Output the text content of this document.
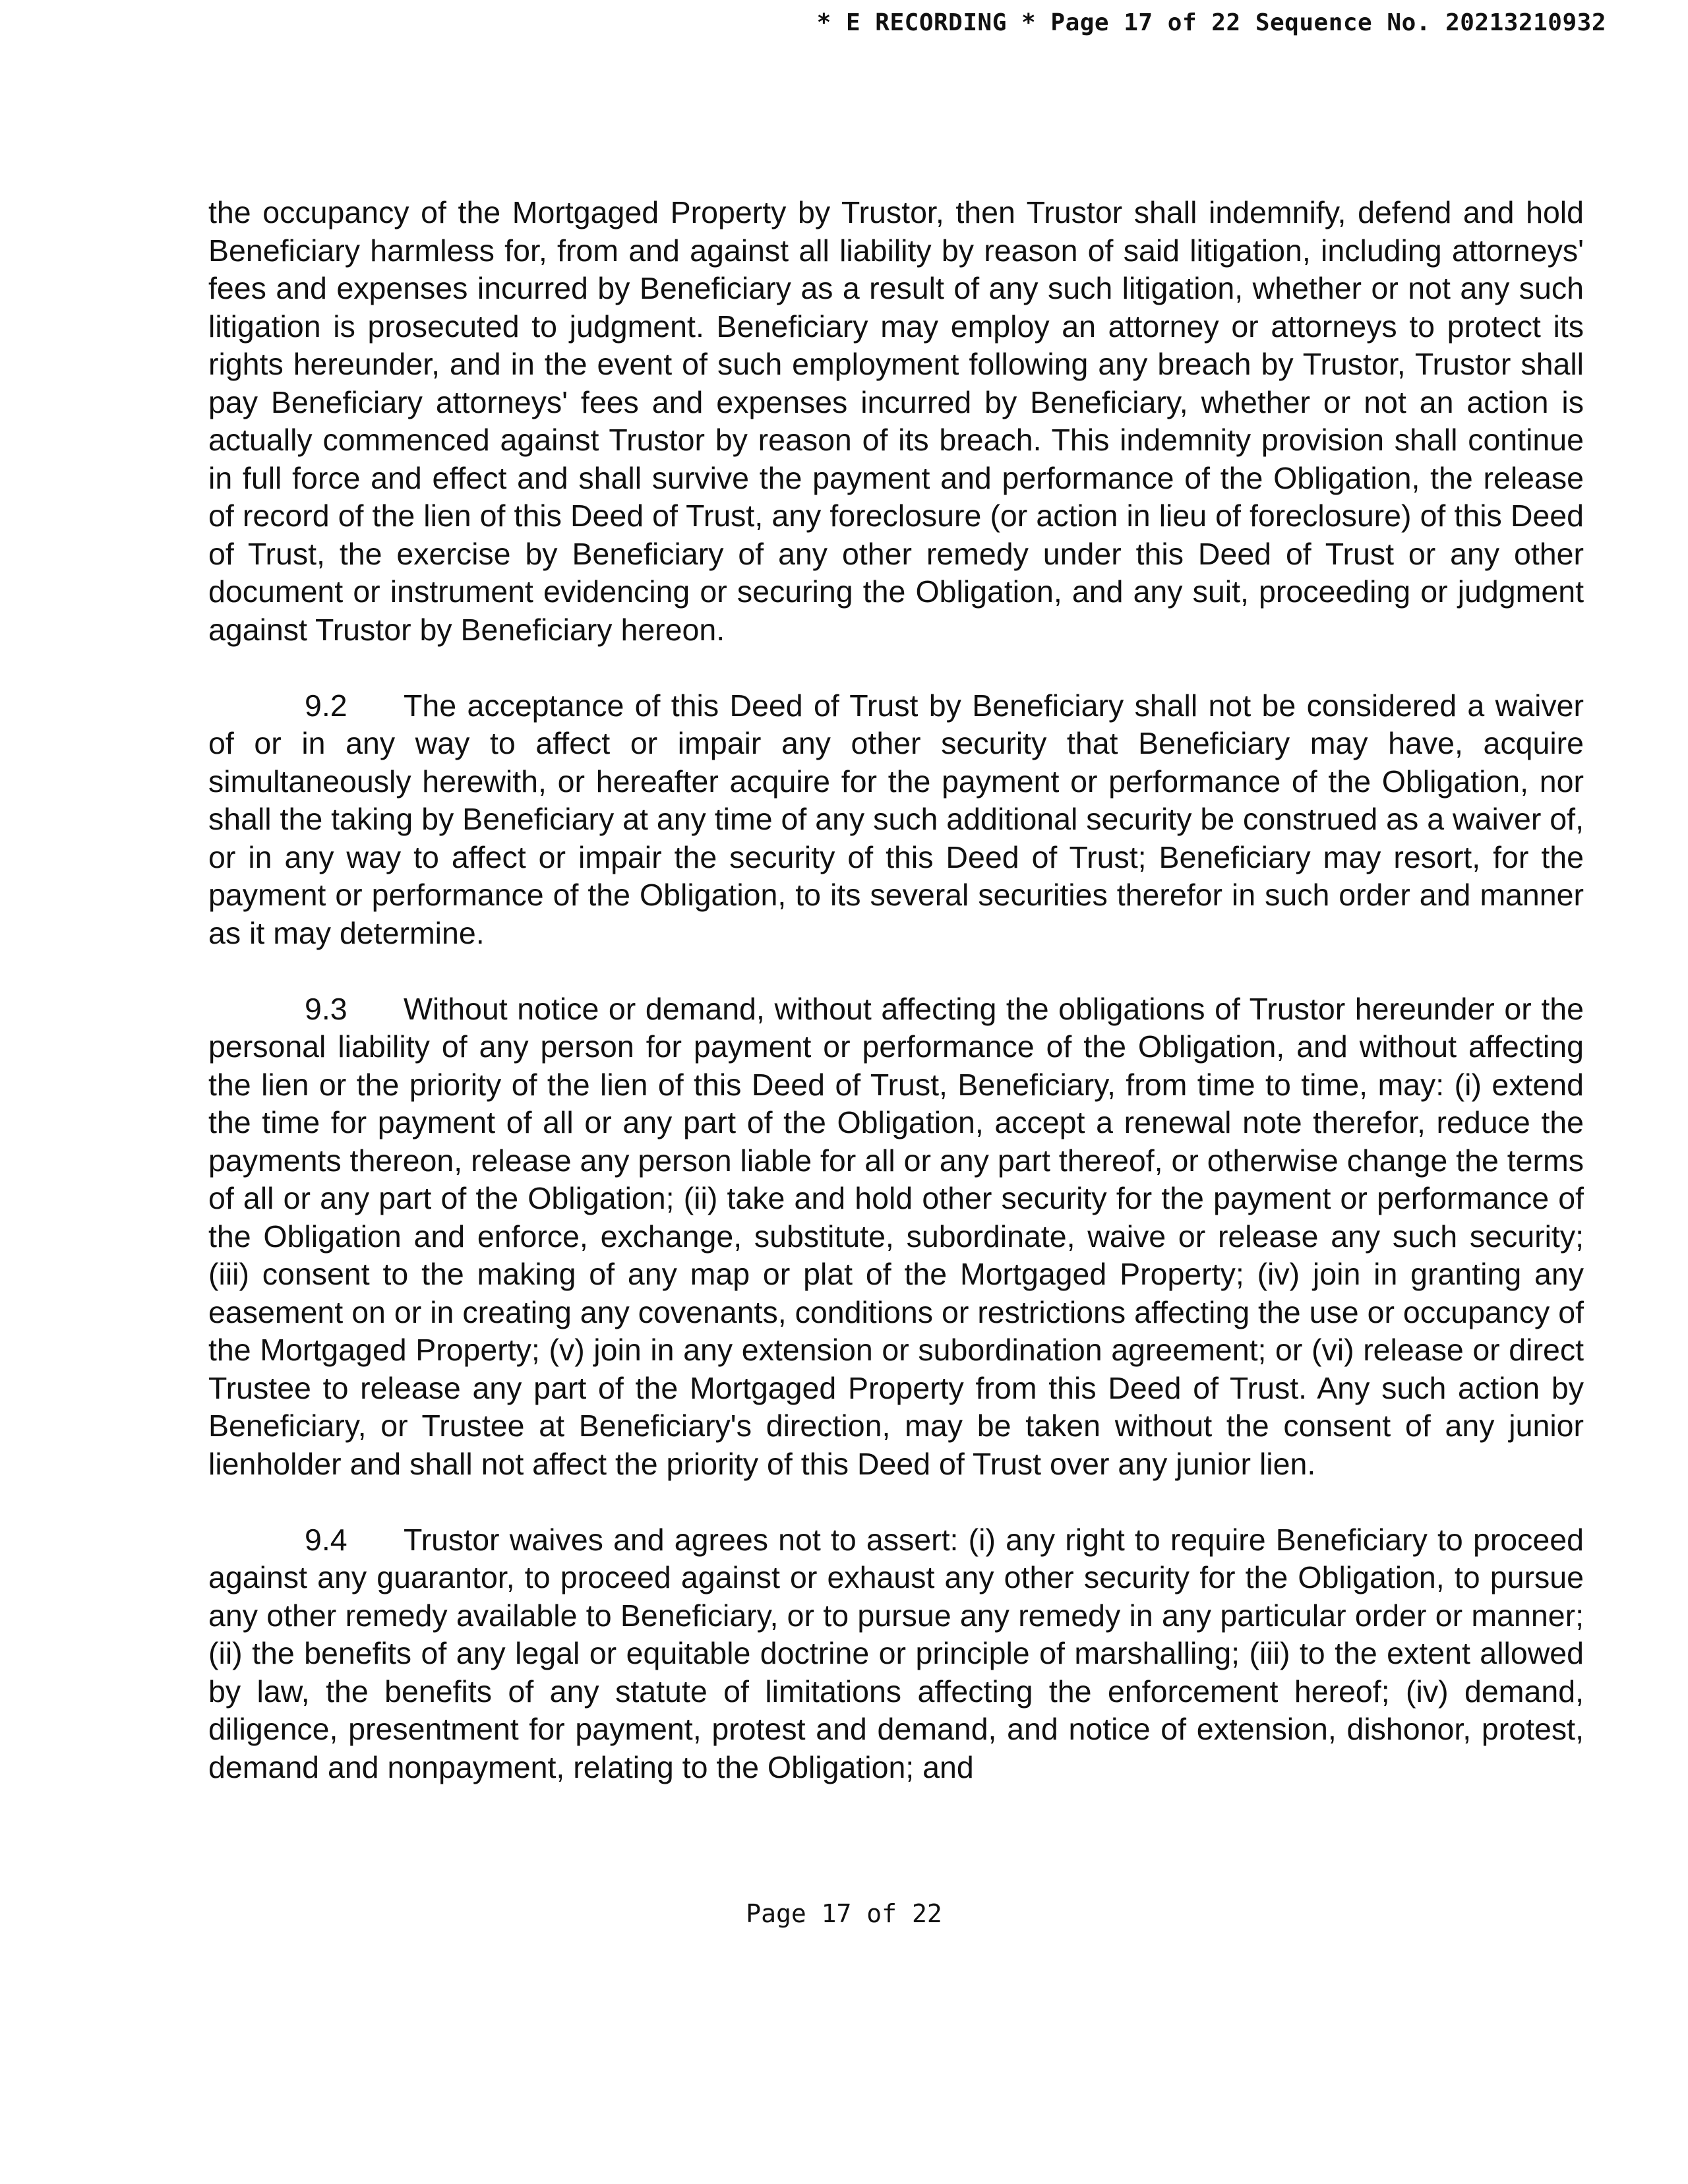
* E RECORDING * Page 17 of 22 Sequence No. 20213210932

the occupancy of the Mortgaged Property by Trustor, then Trustor shall indemnify, defend and hold Beneficiary harmless for, from and against all liability by reason of said litigation, including attorneys' fees and expenses incurred by Beneficiary as a result of any such litigation, whether or not any such litigation is prosecuted to judgment. Beneficiary may employ an attorney or attorneys to protect its rights hereunder, and in the event of such employment following any breach by Trustor, Trustor shall pay Beneficiary attorneys' fees and expenses incurred by Beneficiary, whether or not an action is actually commenced against Trustor by reason of its breach. This indemnity provision shall continue in full force and effect and shall survive the payment and performance of the Obligation, the release of record of the lien of this Deed of Trust, any foreclosure (or action in lieu of foreclosure) of this Deed of Trust, the exercise by Beneficiary of any other remedy under this Deed of Trust or any other document or instrument evidencing or securing the Obligation, and any suit, proceeding or judgment against Trustor by Beneficiary hereon.

9.2 The acceptance of this Deed of Trust by Beneficiary shall not be considered a waiver of or in any way to affect or impair any other security that Beneficiary may have, acquire simultaneously herewith, or hereafter acquire for the payment or performance of the Obligation, nor shall the taking by Beneficiary at any time of any such additional security be construed as a waiver of, or in any way to affect or impair the security of this Deed of Trust; Beneficiary may resort, for the payment or performance of the Obligation, to its several securities therefor in such order and manner as it may determine.

9.3 Without notice or demand, without affecting the obligations of Trustor hereunder or the personal liability of any person for payment or performance of the Obligation, and without affecting the lien or the priority of the lien of this Deed of Trust, Beneficiary, from time to time, may: (i) extend the time for payment of all or any part of the Obligation, accept a renewal note therefor, reduce the payments thereon, release any person liable for all or any part thereof, or otherwise change the terms of all or any part of the Obligation; (ii) take and hold other security for the payment or performance of the Obligation and enforce, exchange, substitute, subordinate, waive or release any such security; (iii) consent to the making of any map or plat of the Mortgaged Property; (iv) join in granting any easement on or in creating any covenants, conditions or restrictions affecting the use or occupancy of the Mortgaged Property; (v) join in any extension or subordination agreement; or (vi) release or direct Trustee to release any part of the Mortgaged Property from this Deed of Trust. Any such action by Beneficiary, or Trustee at Beneficiary's direction, may be taken without the consent of any junior lienholder and shall not affect the priority of this Deed of Trust over any junior lien.

9.4 Trustor waives and agrees not to assert: (i) any right to require Beneficiary to proceed against any guarantor, to proceed against or exhaust any other security for the Obligation, to pursue any other remedy available to Beneficiary, or to pursue any remedy in any particular order or manner; (ii) the benefits of any legal or equitable doctrine or principle of marshalling; (iii) to the extent allowed by law, the benefits of any statute of limitations affecting the enforcement hereof; (iv) demand, diligence, presentment for payment, protest and demand, and notice of extension, dishonor, protest, demand and nonpayment, relating to the Obligation; and

Page 17 of 22
